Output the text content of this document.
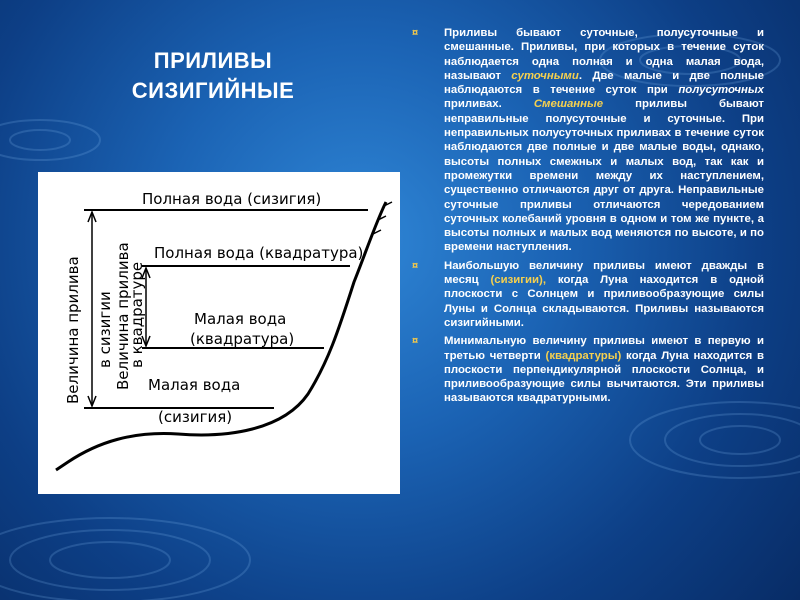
ПРИЛИВЫ
СИЗИГИЙНЫЕ
Полная вода (сизигия)
Полная вода (квадратура)
Малая вода
(квадратура)
Малая вода
(сизигия)
Величина прилива в сизигии Величина прилива
в квадратуре
¤ Приливы бывают суточные, полусуточные и смешанные. Приливы, при которых в течение суток наблюдается одна полная и одна малая вода, называют суточными. Две малые и две полные наблюдаются в течение суток при полусуточных приливах. Смешанные приливы бывают неправильные полусуточные и суточные. При неправильных полусуточных приливах в течение суток наблюдаются две полные и две малые воды, однако, высоты полных смежных и малых вод, так как и промежутки времени между их наступлением, существенно отличаются друг от друга. Неправильные суточные приливы отличаются чередованием суточных колебаний уровня в одном и том же пункте, а высоты полных и малых вод меняются по высоте, и по времени наступления.
¤ Наибольшую величину приливы имеют дважды в месяц (сизигии), когда Луна находится в одной плоскости с Солнцем и приливообразующие силы Луны и Солнца складываются. Приливы называются сизигийными.
¤ Минимальную величину приливы имеют в первую и третью четверти (квадратуры) когда Луна находится в плоскости перпендикулярной плоскости Солнца, и приливообразующие силы вычитаются. Эти приливы называются квадратурными.
